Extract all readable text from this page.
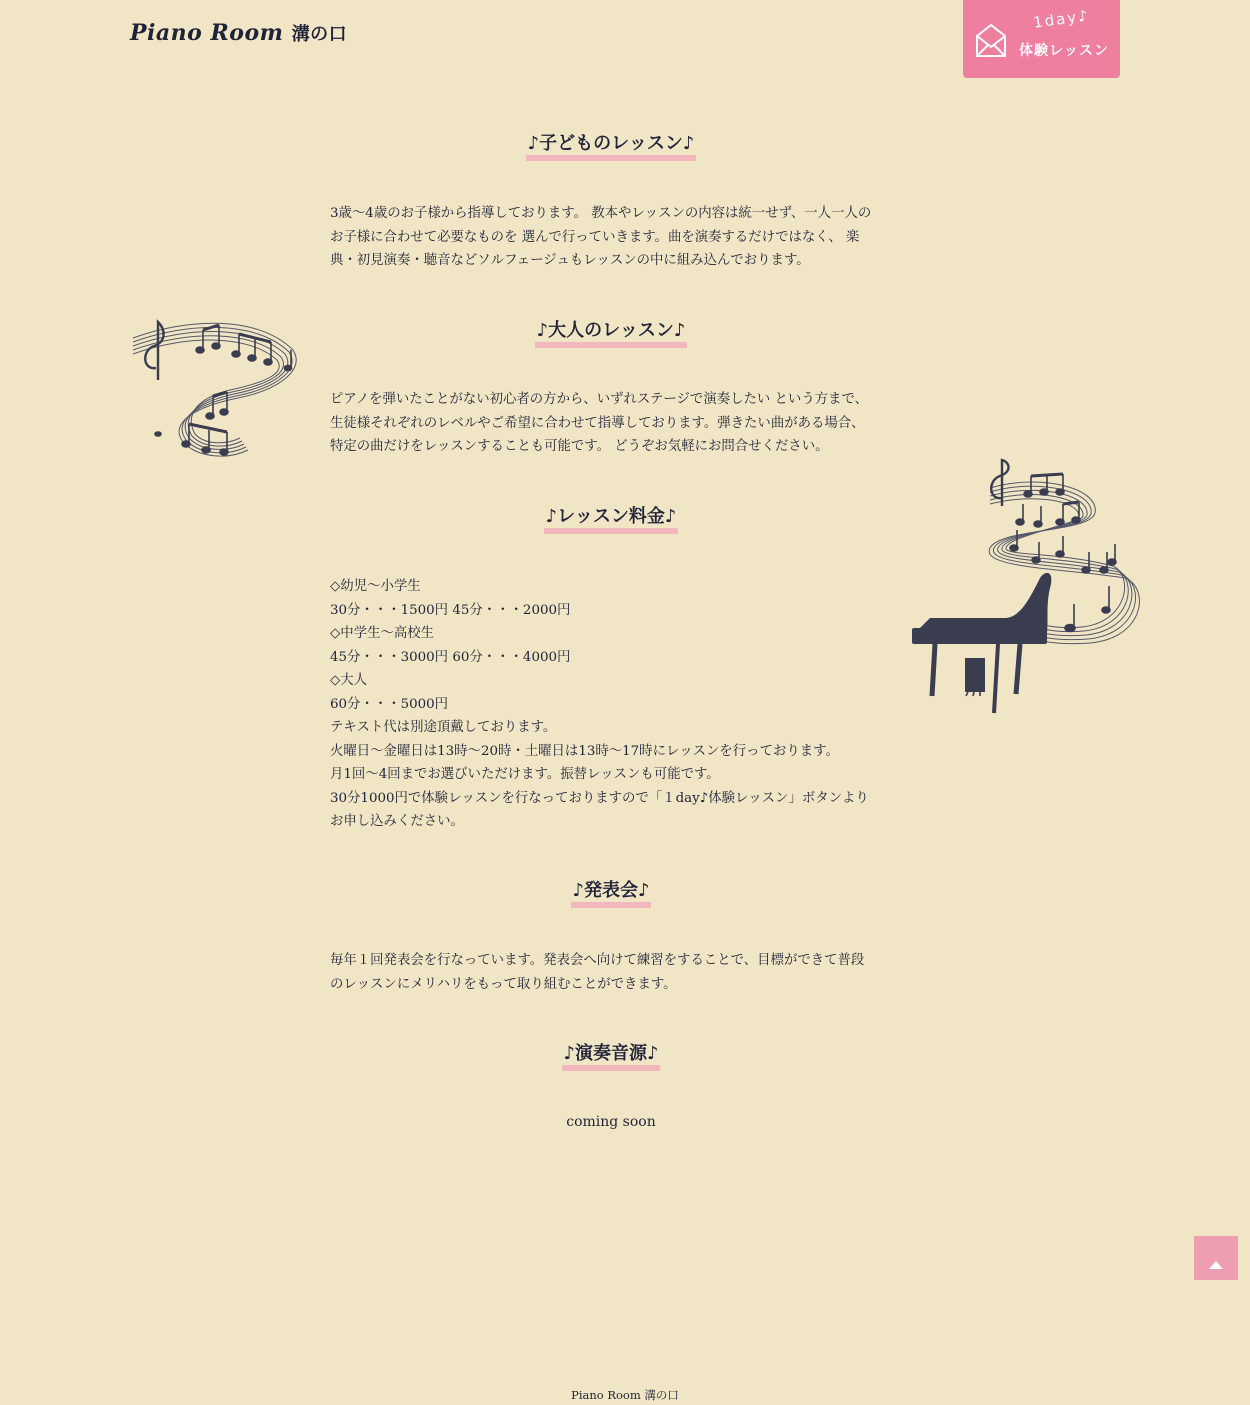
Piano Room 溝の口
1day♪
体験レッスン
♪子どものレッスン♪

3歳〜4歳のお子様から指導しております。 教本やレッスンの内容は統一せず、一人一人の

お子様に合わせて必要なものを 選んで行っていきます。曲を演奏するだけではなく、 楽

典・初見演奏・聴音などソルフェージュもレッスンの中に組み込んでおります。

♪大人のレッスン♪

ピアノを弾いたことがない初心者の方から、いずれステージで演奏したい という方まで、

生徒様それぞれのレベルやご希望に合わせて指導しております。弾きたい曲がある場合、

特定の曲だけをレッスンすることも可能です。 どうぞお気軽にお問合せください。

♪レッスン料金♪

◇幼児〜小学生

30分・・・1500円 45分・・・2000円

◇中学生〜高校生

45分・・・3000円 60分・・・4000円

◇大人

60分・・・5000円

テキスト代は別途頂戴しております。

火曜日〜金曜日は13時〜20時・土曜日は13時〜17時にレッスンを行っております。

月1回〜4回までお選びいただけます。振替レッスンも可能です。

30分1000円で体験レッスンを行なっておりますので「１day♪体験レッスン」ボタンより

お申し込みください。

♪発表会♪

毎年１回発表会を行なっています。発表会へ向けて練習をすることで、目標ができて普段

のレッスンにメリハリをもって取り組むことができます。

♪演奏音源♪
coming soon
Piano Room 溝の口
